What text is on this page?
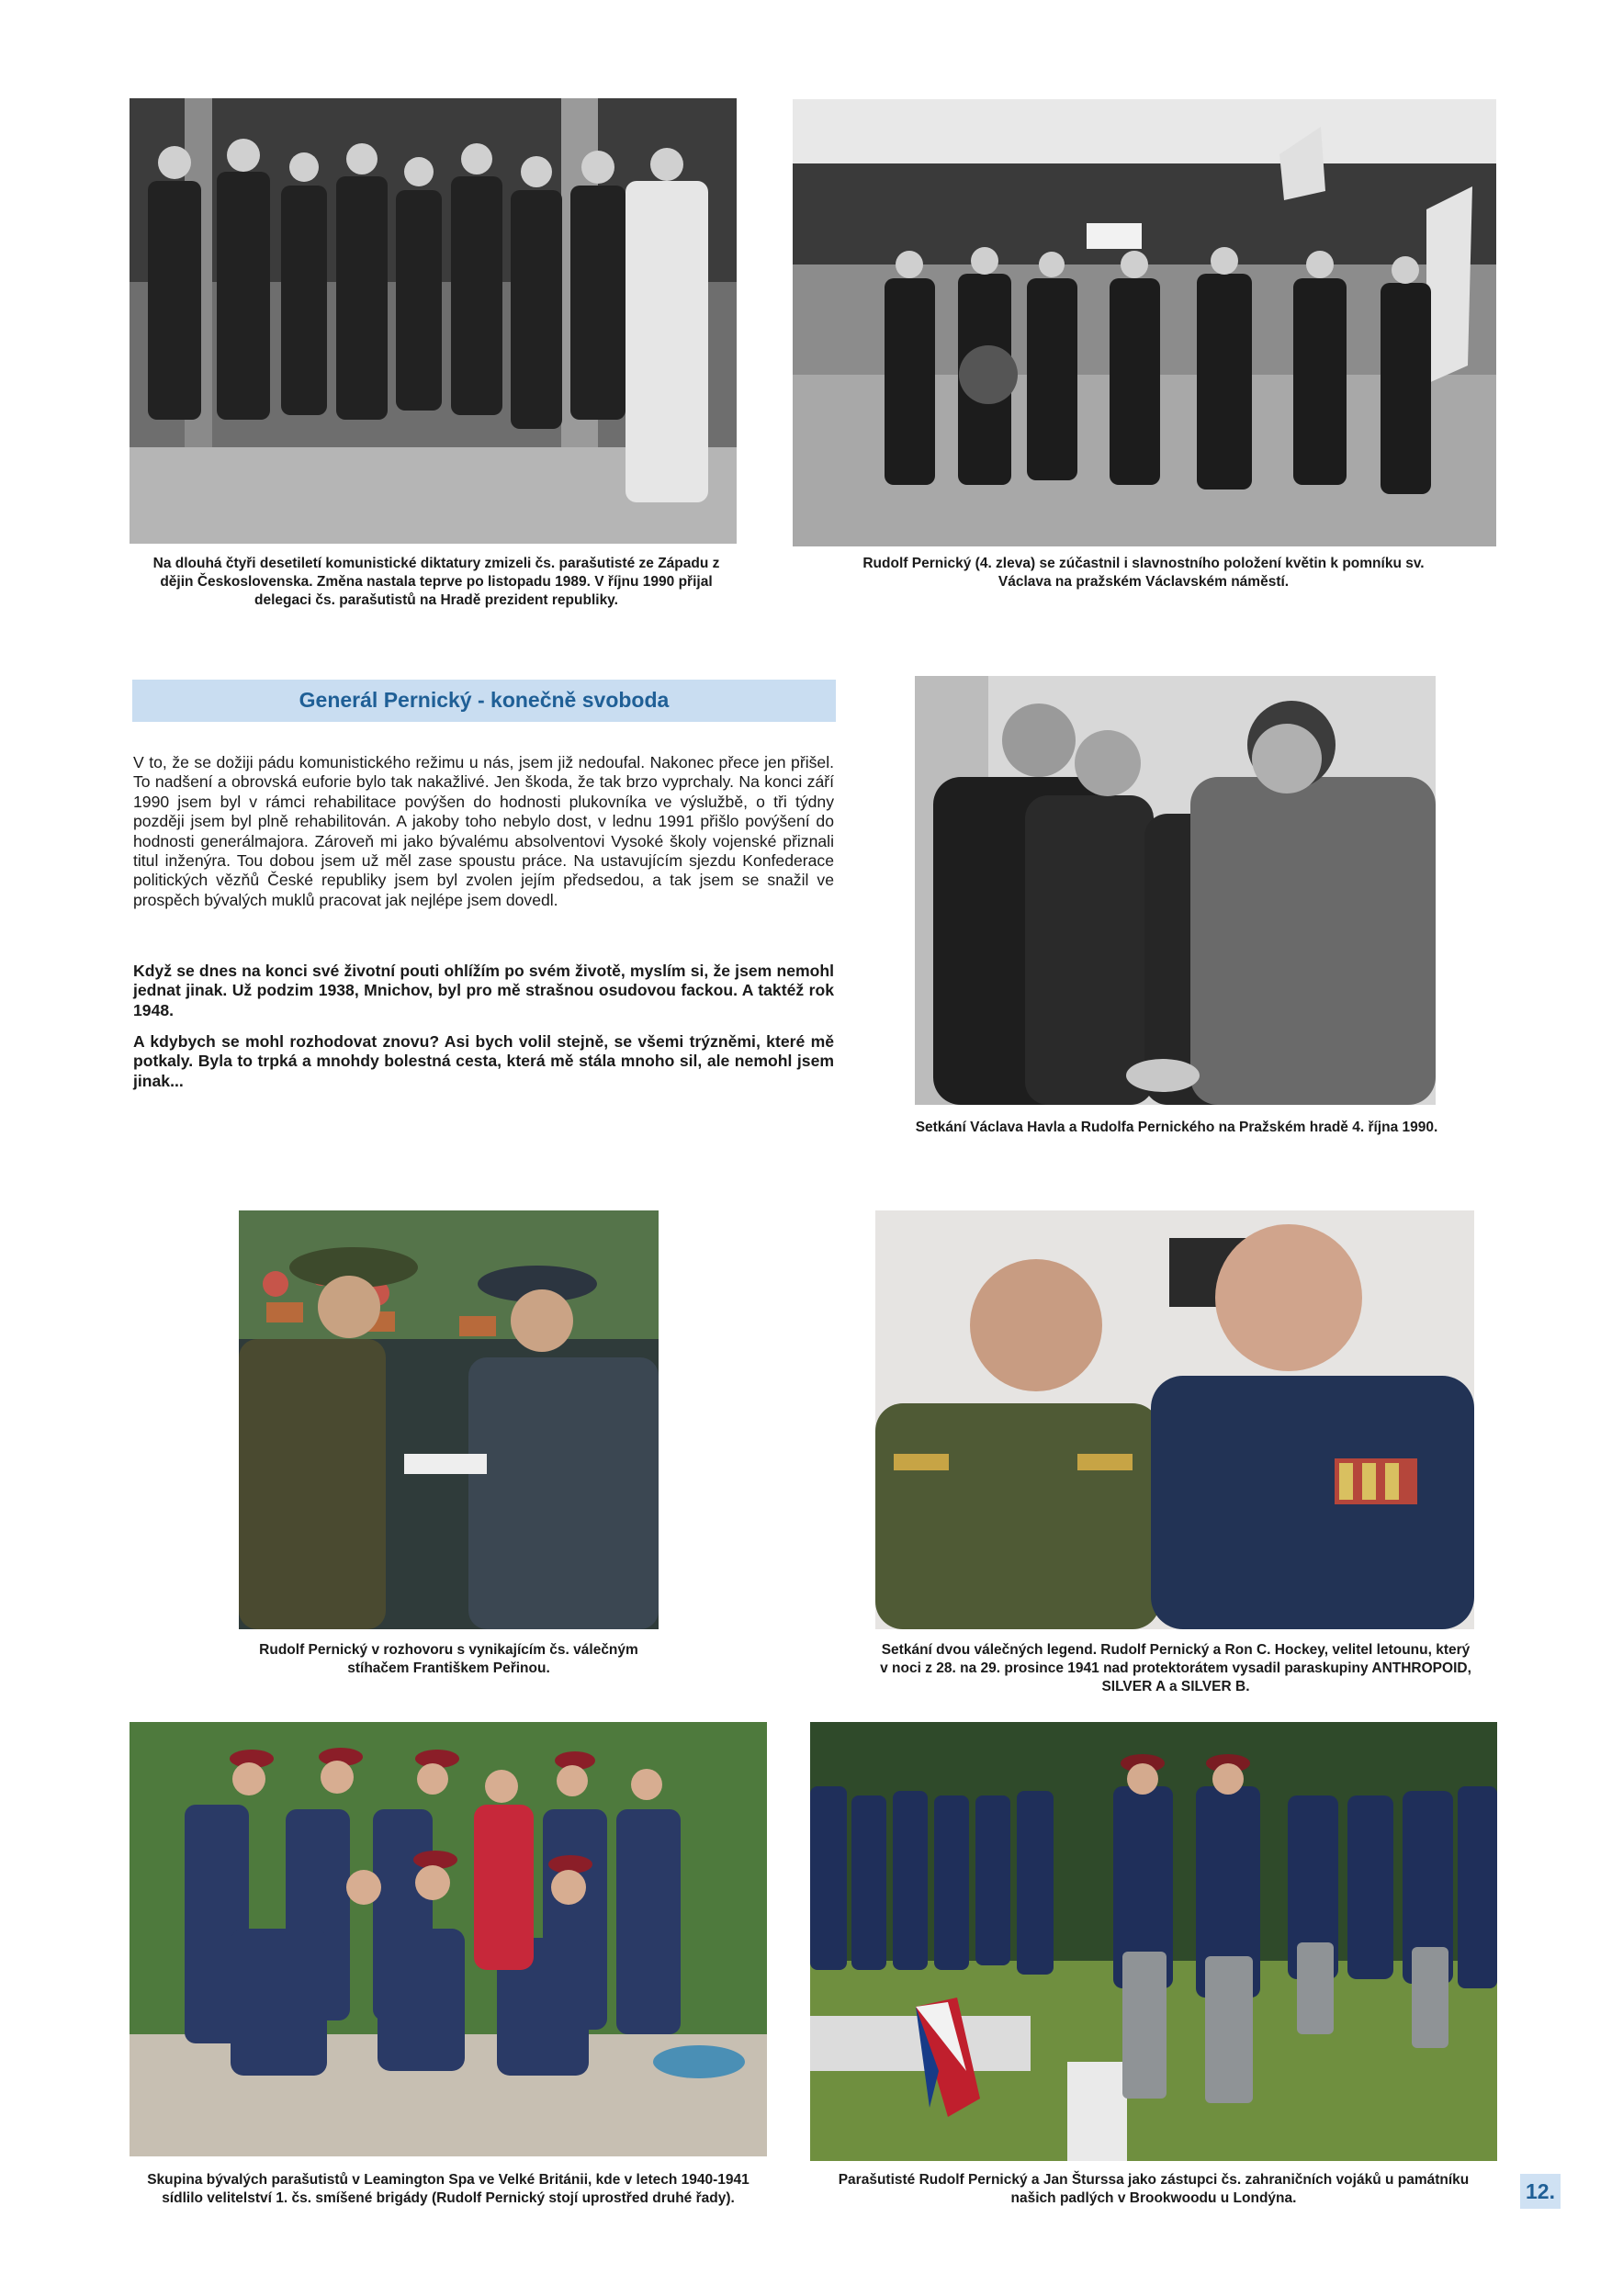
Na dlouhá čtyři desetiletí komunistické diktatury zmizeli čs. parašutisté ze Západu z dějin Československa. Změna nastala teprve po listopadu 1989. V říjnu 1990 přijal delegaci čs. parašutistů na Hradě prezident republiky.
Rudolf Pernický (4. zleva) se zúčastnil i slavnostního položení květin k pomníku sv. Václava na pražském Václavském náměstí.
Generál Pernický - konečně svoboda

V to, že se dožiji pádu komunistického režimu u nás, jsem již nedoufal. Nakonec přece jen přišel. To nadšení a obrovská euforie bylo tak nakažlivé. Jen škoda, že tak brzo vyprchaly. Na konci září 1990 jsem byl v rámci rehabilitace povýšen do hodnosti plukovníka ve výslužbě, o tři týdny později jsem byl plně rehabilitován. A jakoby toho nebylo dost, v lednu 1991 přišlo povýšení do hodnosti generálmajora. Zároveň mi jako bývalému absolventovi Vysoké školy vojenské přiznali titul inženýra. Tou dobou jsem už měl zase spoustu práce. Na ustavujícím sjezdu Konfederace politických vězňů České republiky jsem byl zvolen jejím předsedou, a tak jsem se snažil ve prospěch bývalých muklů pracovat jak nejlépe jsem dovedl.

Když se dnes na konci své životní pouti ohlížím po svém životě, myslím si, že jsem nemohl jednat jinak. Už podzim 1938, Mnichov, byl pro mě strašnou osudovou fackou. A taktéž rok 1948.

A kdybych se mohl rozhodovat znovu? Asi bych volil stejně, se všemi trýzněmi, které mě potkaly. Byla to trpká a mnohdy bolestná cesta, která mě stála mnoho sil, ale nemohl jsem jinak...

Setkání Václava Havla a Rudolfa Pernického na Pražském hradě 4. října 1990.
Rudolf Pernický v rozhovoru s vynikajícím čs. válečným stíhačem Františkem Peřinou.
Setkání dvou válečných legend. Rudolf Pernický a Ron C. Hockey, velitel letounu, který v noci z 28. na 29. prosince 1941 nad protektorátem vysadil paraskupiny ANTHROPOID, SILVER A a SILVER B.
Skupina bývalých parašutistů v Leamington Spa ve Velké Británii, kde v letech 1940-1941 sídlilo velitelství 1. čs. smíšené brigády (Rudolf Pernický stojí uprostřed druhé řady).
Parašutisté Rudolf Pernický a Jan Šturssa jako zástupci čs. zahraničních vojáků u památníku našich padlých v Brookwoodu u Londýna.	12.
